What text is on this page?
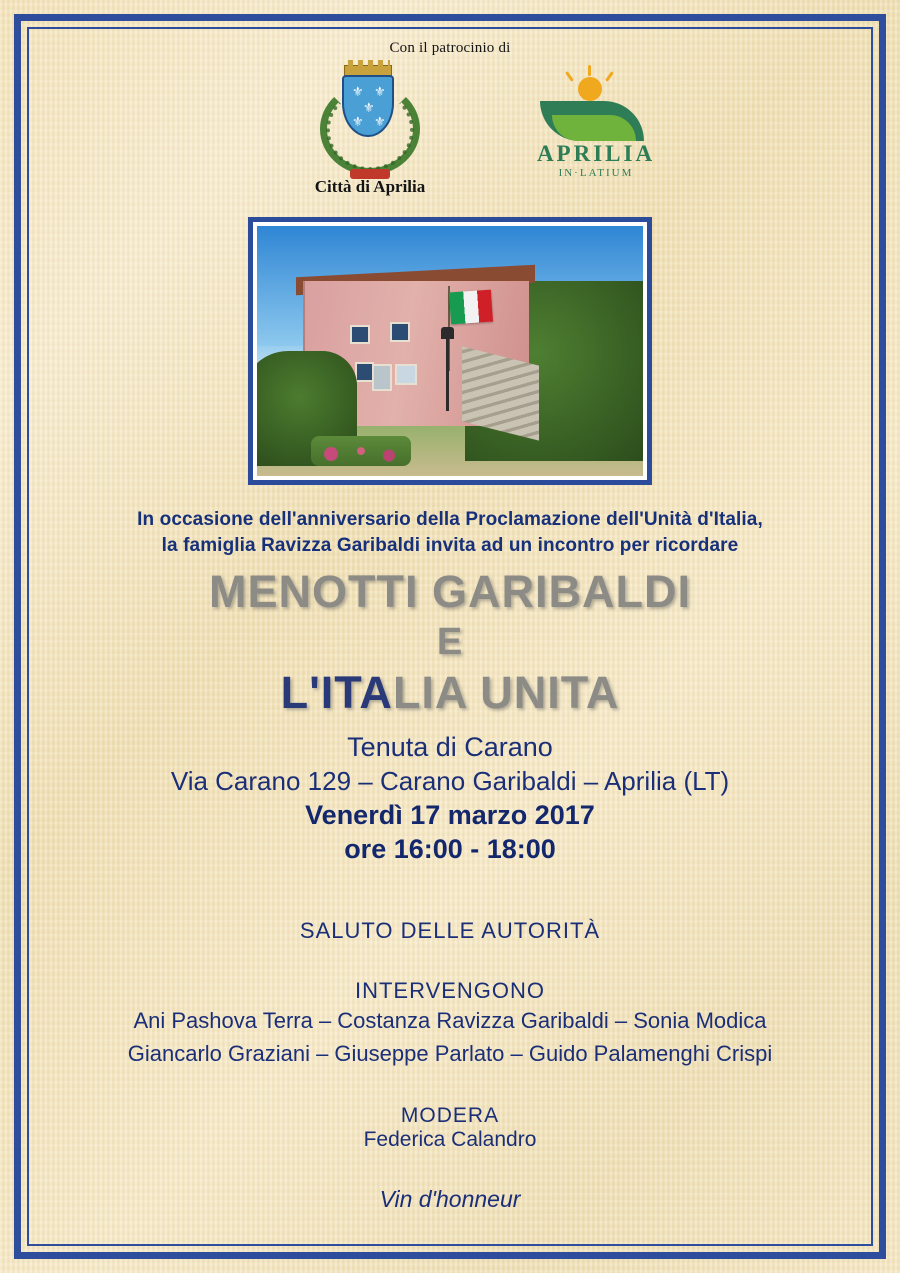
Con il patrocinio di
⚜ ⚜
⚜
⚜ ⚜
Città di Aprilia
APRILIA
IN·LATIUM
In occasione dell'anniversario della Proclamazione dell'Unità d'Italia,
la famiglia Ravizza Garibaldi invita ad un incontro per ricordare
MENOTTI GARIBALDI
E
L'ITALIA UNITA
Tenuta di Carano
Via Carano 129 – Carano Garibaldi – Aprilia (LT)
Venerdì 17 marzo 2017
ore 16:00 - 18:00
SALUTO DELLE AUTORITÀ
INTERVENGONO
Ani Pashova Terra – Costanza Ravizza Garibaldi – Sonia Modica
Giancarlo Graziani – Giuseppe Parlato – Guido Palamenghi Crispi
MODERA
Federica Calandro
Vin d'honneur
